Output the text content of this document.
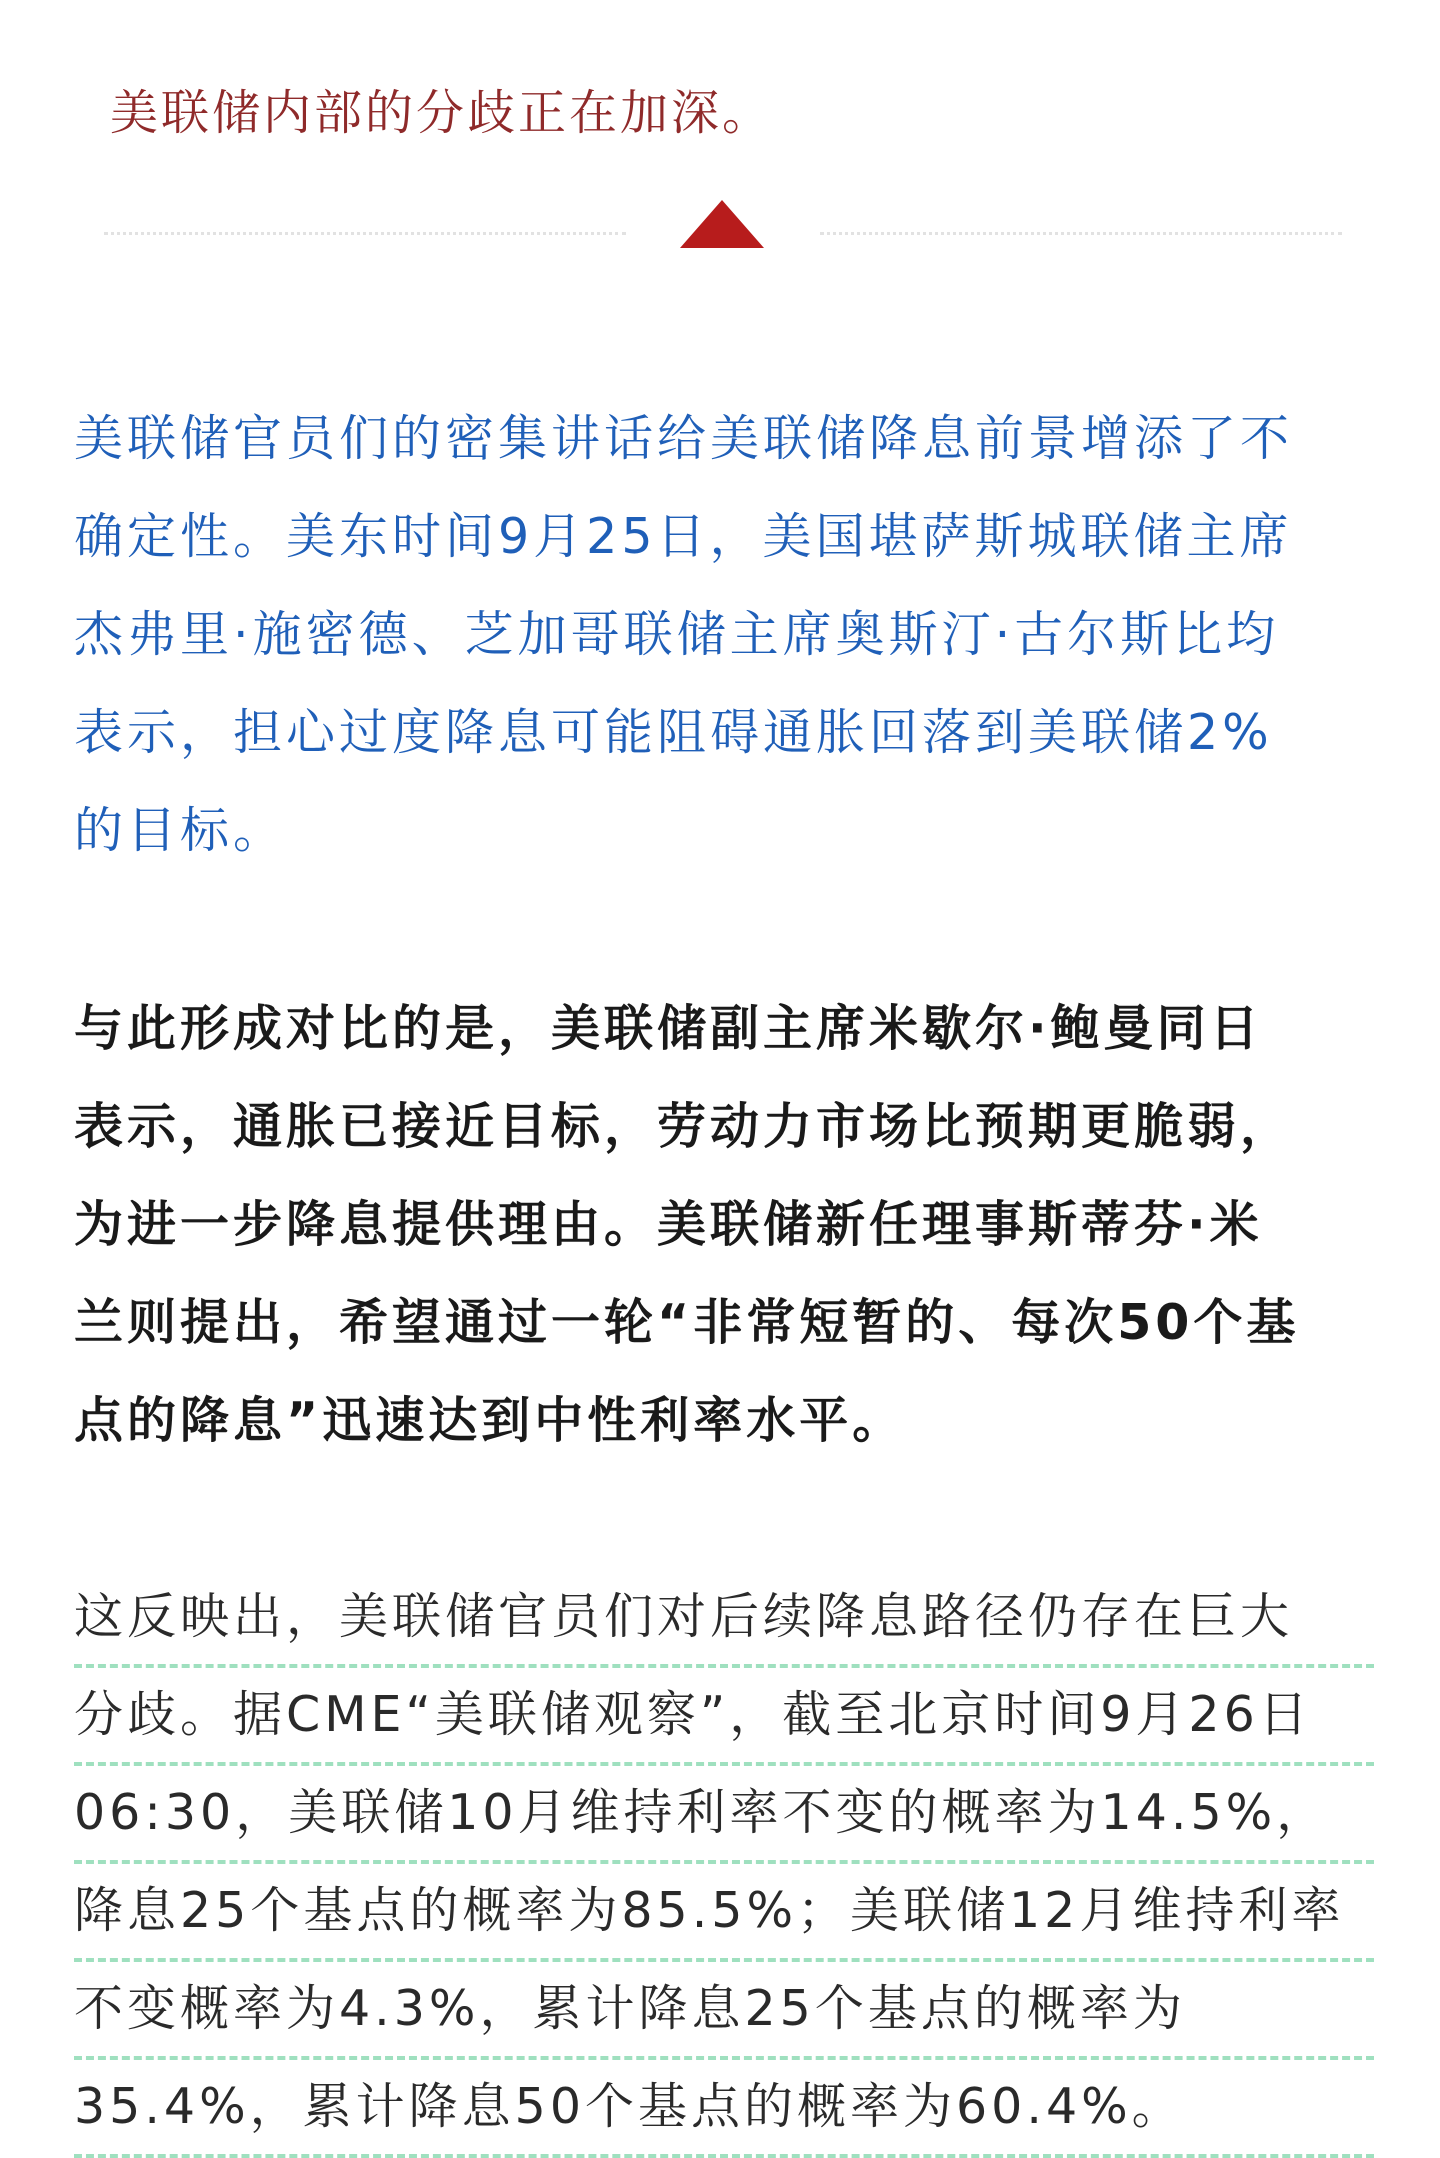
美联储内部的分歧正在加深。
美联储官员们的密集讲话给美联储降息前景增添了不
确定性。美东时间9月25日，美国堪萨斯城联储主席
杰弗里·施密德、芝加哥联储主席奥斯汀·古尔斯比均
表示，担心过度降息可能阻碍通胀回落到美联储2%
的目标。
与此形成对比的是，美联储副主席米歇尔·鲍曼同日
表示，通胀已接近目标，劳动力市场比预期更脆弱，
为进一步降息提供理由。美联储新任理事斯蒂芬·米
兰则提出，希望通过一轮“非常短暂的、每次50个基
点的降息”迅速达到中性利率水平。
这反映出，美联储官员们对后续降息路径仍存在巨大
分歧。据CME“美联储观察”，截至北京时间9月26日
06:30，美联储10月维持利率不变的概率为14.5%，
降息25个基点的概率为85.5%；美联储12月维持利率
不变概率为4.3%，累计降息25个基点的概率为
35.4%，累计降息50个基点的概率为60.4%。
